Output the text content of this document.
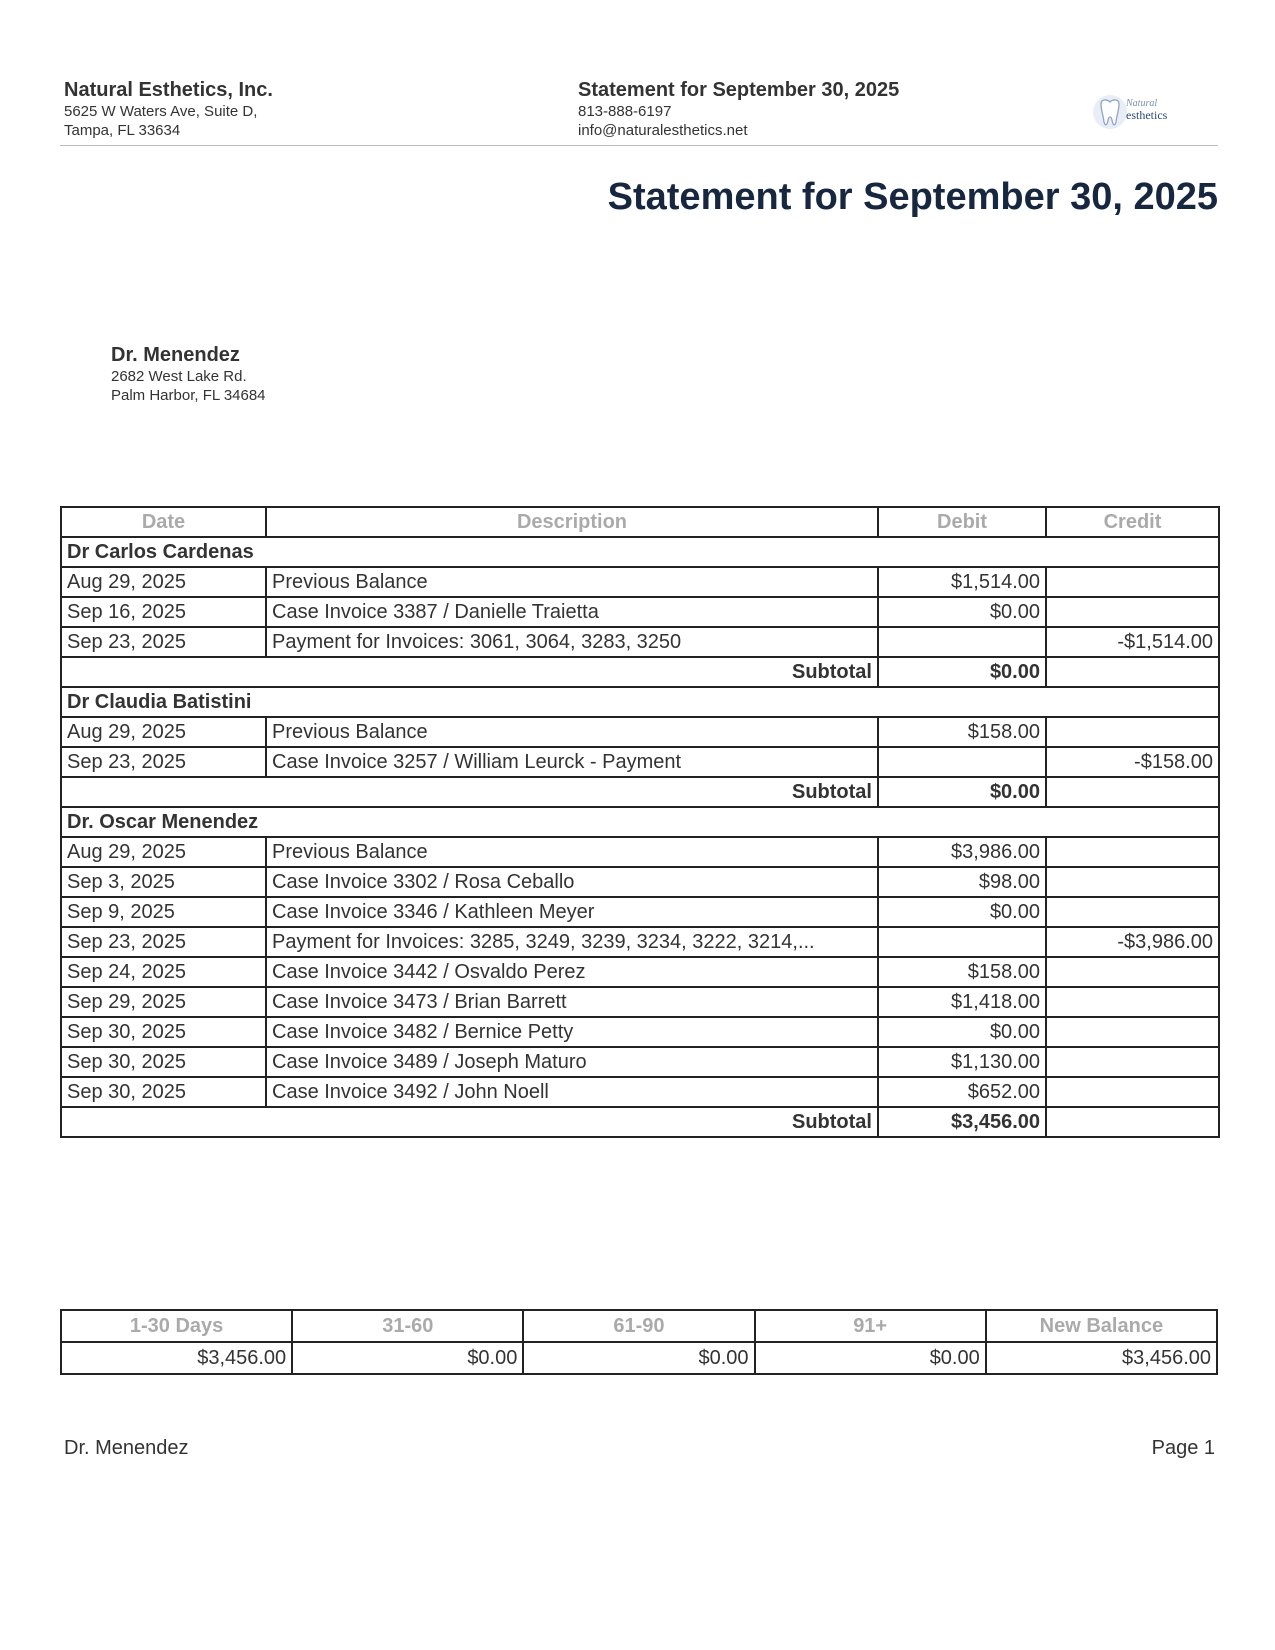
Natural Esthetics, Inc.
5625 W Waters Ave, Suite D,
Tampa, FL 33634
Statement for September 30, 2025
813-888-6197
info@naturalesthetics.net
Natural
esthetics
Statement for September 30, 2025
Dr. Menendez
2682 West Lake Rd.
Palm Harbor, FL 34684
Date	Description	Debit	Credit
Dr Carlos Cardenas			
Aug 29, 2025	Previous Balance	$1,514.00	
Sep 16, 2025	Case Invoice 3387 / Danielle Traietta	$0.00	
Sep 23, 2025	Payment for Invoices: 3061, 3064, 3283, 3250		-$1,514.00
Subtotal		$0.00	
Dr Claudia Batistini			
Aug 29, 2025	Previous Balance	$158.00	
Sep 23, 2025	Case Invoice 3257 / William Leurck - Payment		-$158.00
Subtotal		$0.00	
Dr. Oscar Menendez			
Aug 29, 2025	Previous Balance	$3,986.00	
Sep 3, 2025	Case Invoice 3302 / Rosa Ceballo	$98.00	
Sep 9, 2025	Case Invoice 3346 / Kathleen Meyer	$0.00	
Sep 23, 2025	Payment for Invoices: 3285, 3249, 3239, 3234, 3222, 3214,...		-$3,986.00
Sep 24, 2025	Case Invoice 3442 / Osvaldo Perez	$158.00	
Sep 29, 2025	Case Invoice 3473 / Brian Barrett	$1,418.00	
Sep 30, 2025	Case Invoice 3482 / Bernice Petty	$0.00	
Sep 30, 2025	Case Invoice 3489 / Joseph Maturo	$1,130.00	
Sep 30, 2025	Case Invoice 3492 / John Noell	$652.00	
Subtotal		$3,456.00	
1-30 Days	31-60	61-90	91+	New Balance
$3,456.00	$0.00	$0.00	$0.00	$3,456.00
Dr. Menendez	Page 1
